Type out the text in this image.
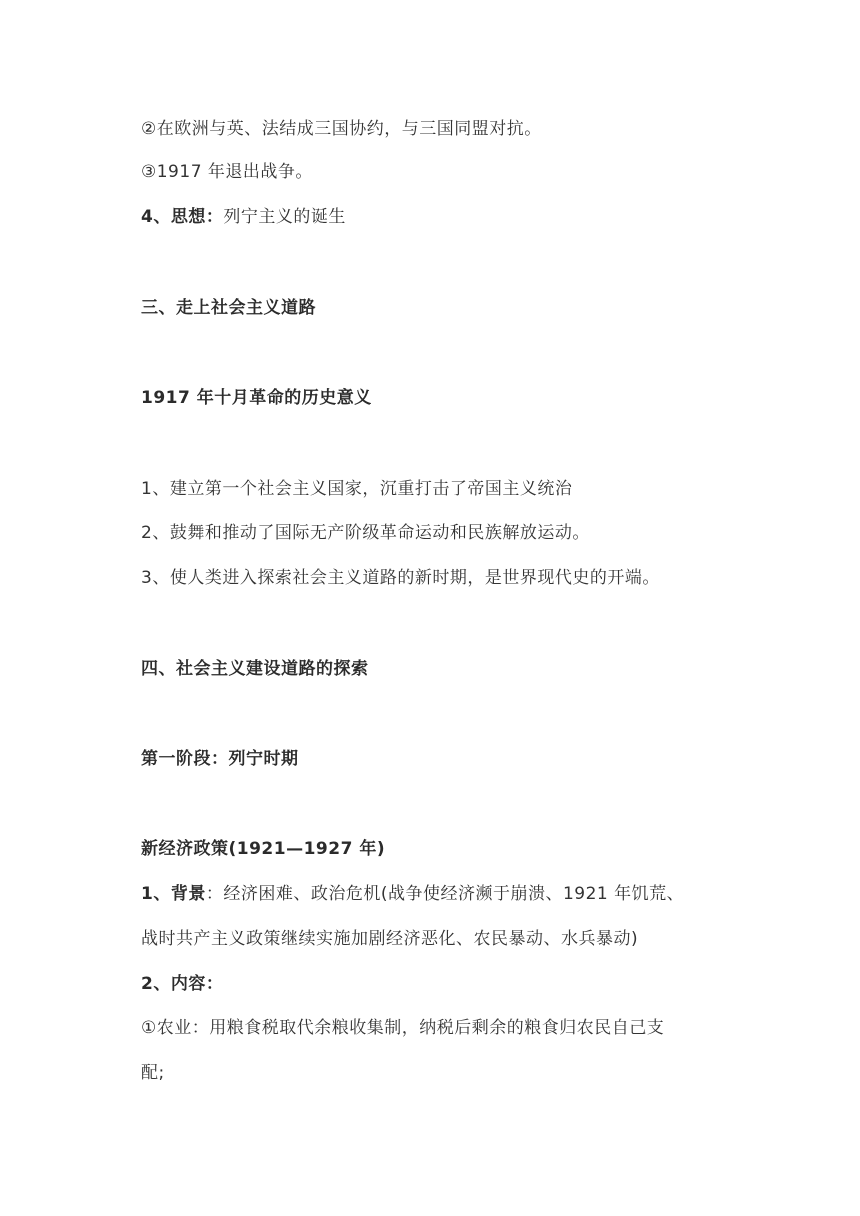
②在欧洲与英、法结成三国协约，与三国同盟对抗。
③1917 年退出战争。
4、思想：列宁主义的诞生
三、走上社会主义道路
1917 年十月革命的历史意义
1、建立第一个社会主义国家，沉重打击了帝国主义统治
2、鼓舞和推动了国际无产阶级革命运动和民族解放运动。
3、使人类进入探索社会主义道路的新时期，是世界现代史的开端。
四、社会主义建设道路的探索
第一阶段：列宁时期
新经济政策(1921—1927 年)
1、背景：经济困难、政治危机(战争使经济濒于崩溃、1921 年饥荒、
战时共产主义政策继续实施加剧经济恶化、农民暴动、水兵暴动)
2、内容：
①农业：用粮食税取代余粮收集制，纳税后剩余的粮食归农民自己支
配;
